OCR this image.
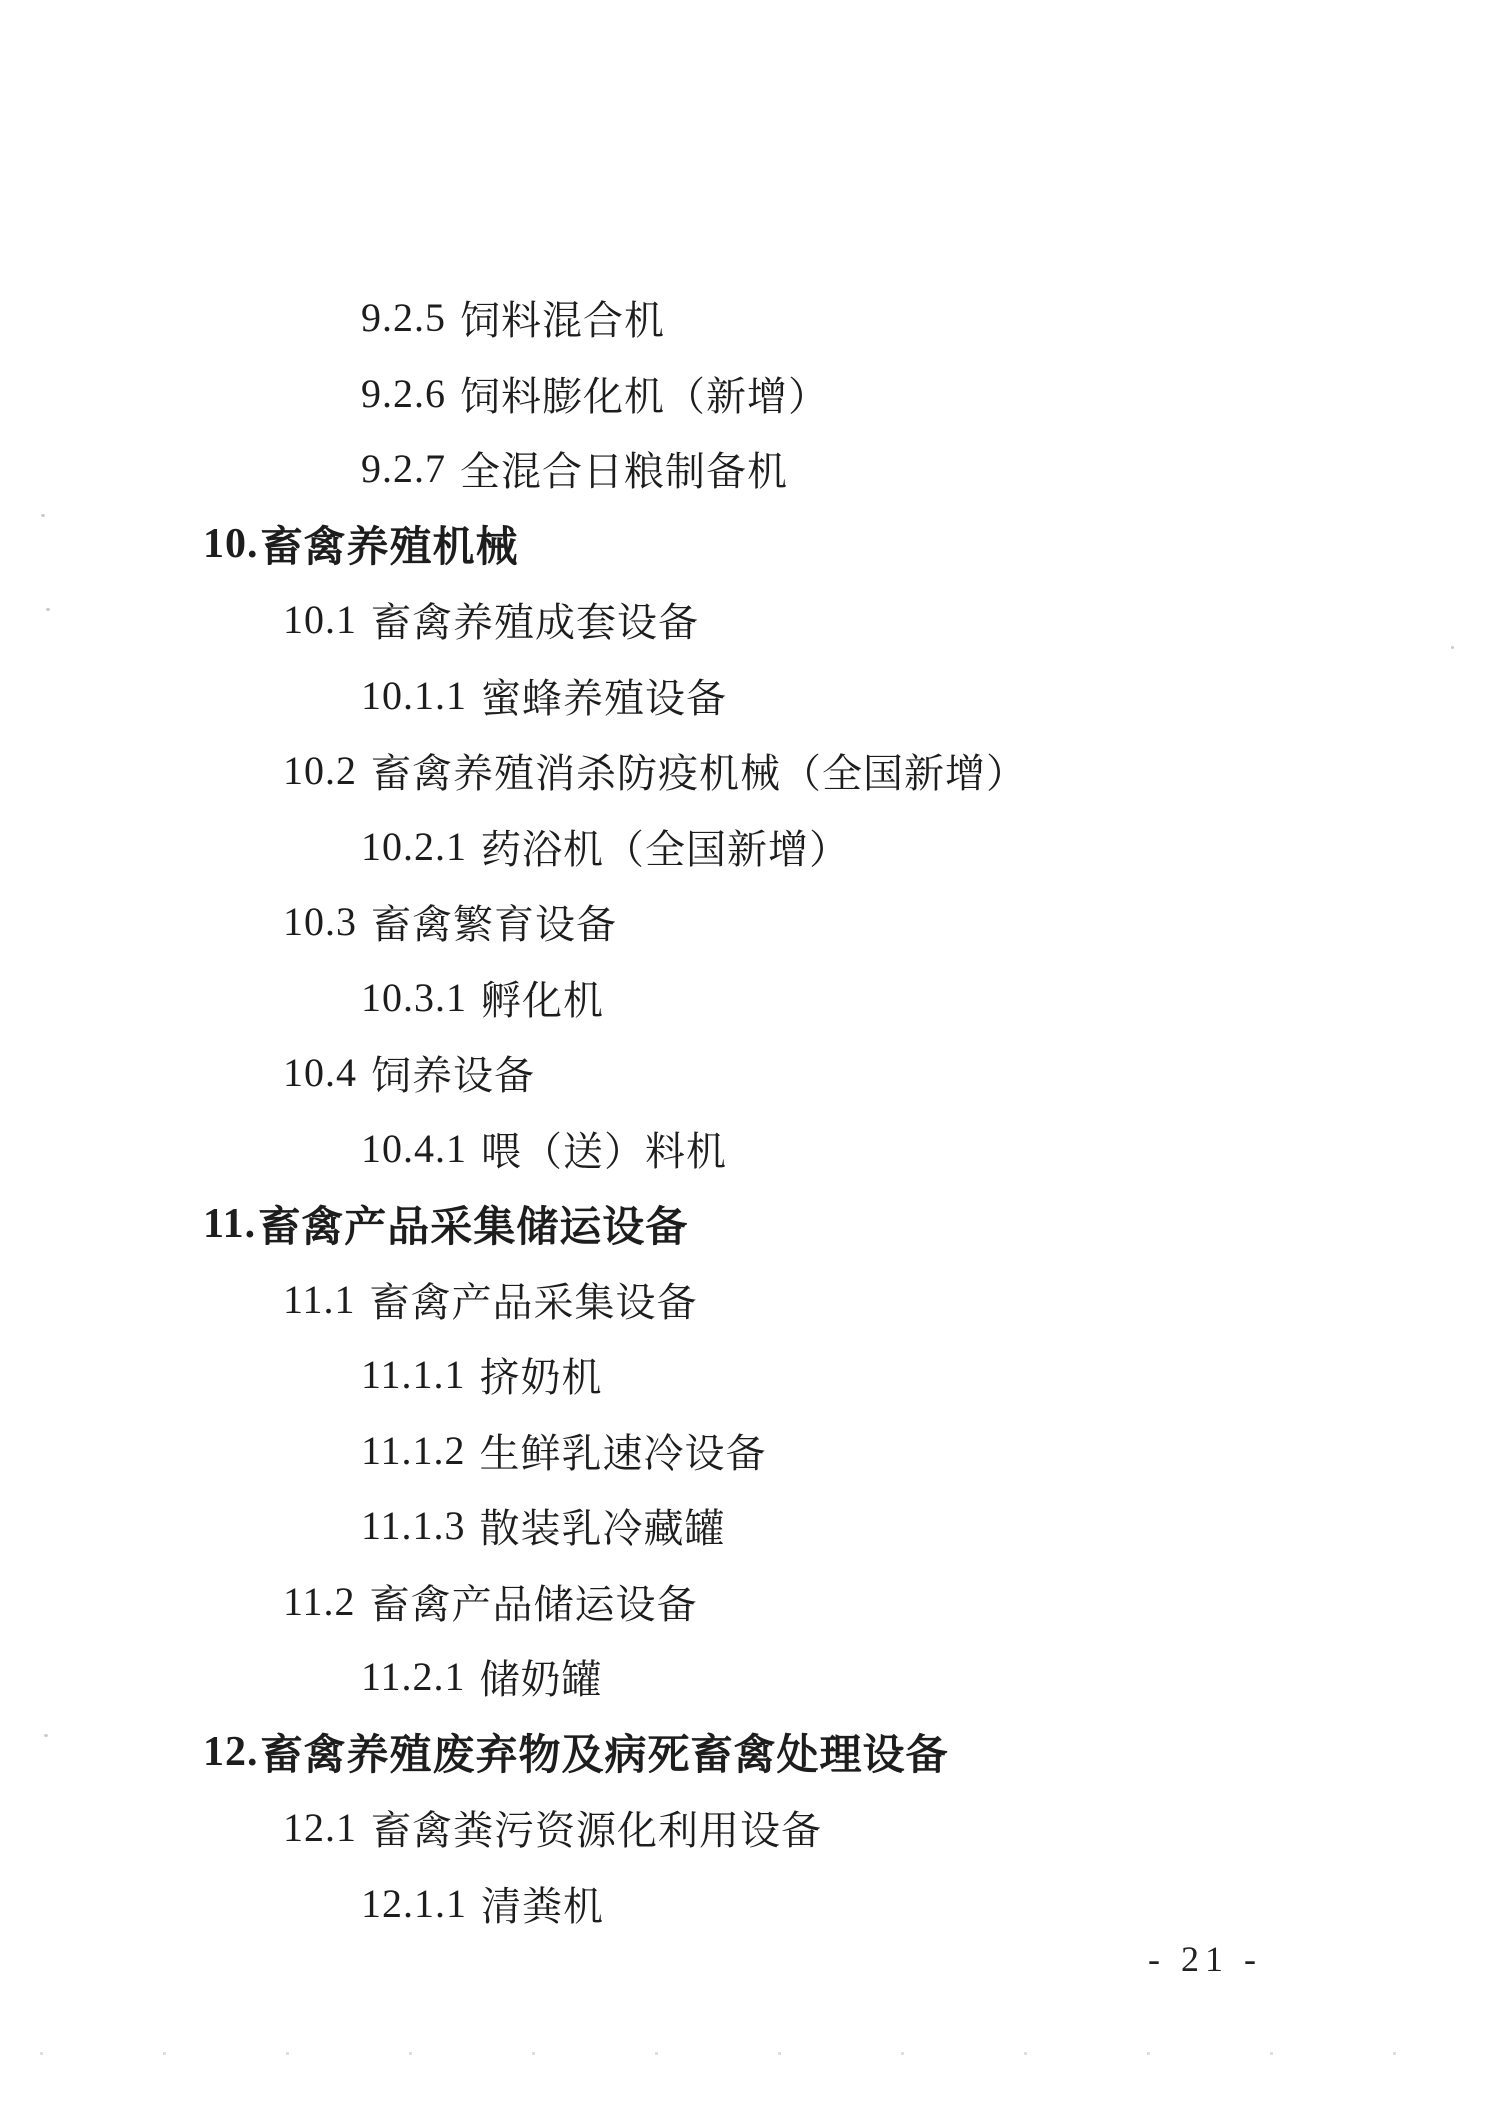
9.2.5 饲料混合机
9.2.6 饲料膨化机（新增）
9.2.7 全混合日粮制备机
10. 畜禽养殖机械
10.1 畜禽养殖成套设备
10.1.1 蜜蜂养殖设备
10.2 畜禽养殖消杀防疫机械（全国新增）
10.2.1 药浴机（全国新增）
10.3 畜禽繁育设备
10.3.1 孵化机
10.4 饲养设备
10.4.1 喂（送）料机
11. 畜禽产品采集储运设备
11.1 畜禽产品采集设备
11.1.1 挤奶机
11.1.2 生鲜乳速冷设备
11.1.3 散装乳冷藏罐
11.2 畜禽产品储运设备
11.2.1 储奶罐
12. 畜禽养殖废弃物及病死畜禽处理设备
12.1 畜禽粪污资源化利用设备
12.1.1 清粪机
- 21 -
